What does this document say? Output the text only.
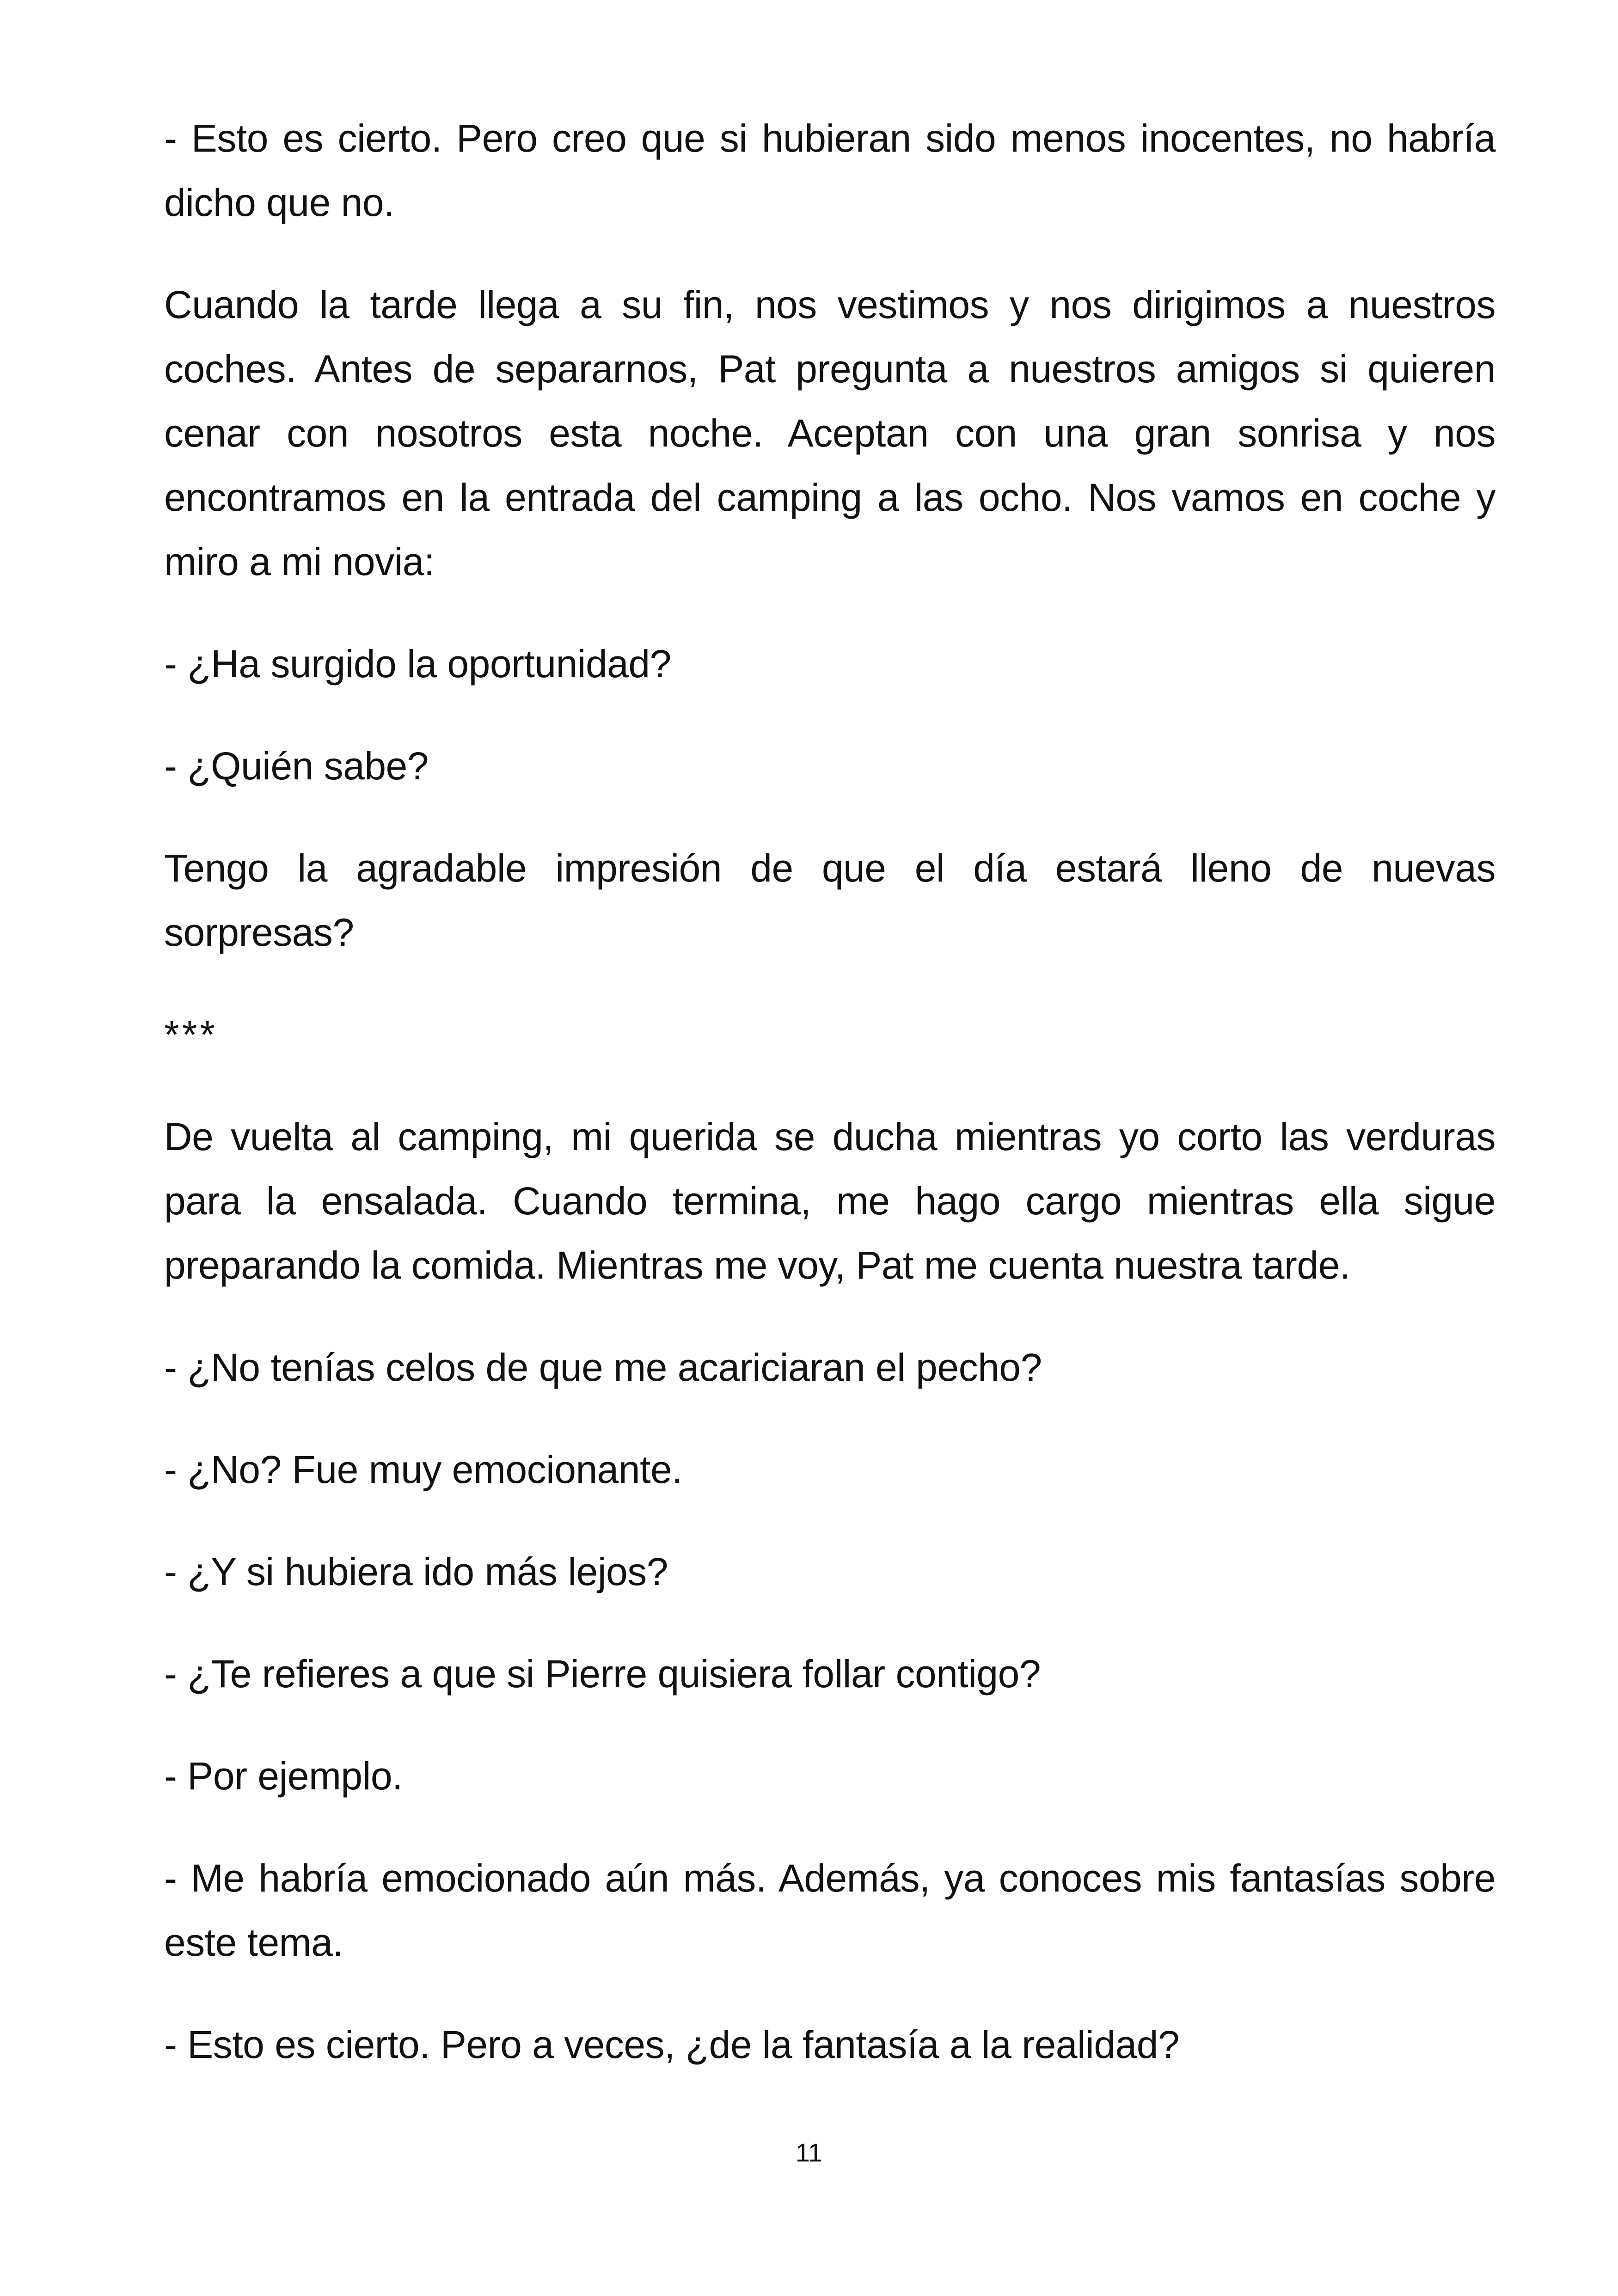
- Esto es cierto. Pero creo que si hubieran sido menos inocentes, no habría dicho que no.

Cuando la tarde llega a su fin, nos vestimos y nos dirigimos a nuestros coches. Antes de separarnos, Pat pregunta a nuestros amigos si quieren cenar con nosotros esta noche. Aceptan con una gran sonrisa y nos encontramos en la entrada del camping a las ocho. Nos vamos en coche y miro a mi novia:

- ¿Ha surgido la oportunidad?

- ¿Quién sabe?

Tengo la agradable impresión de que el día estará lleno de nuevas sorpresas?

***

De vuelta al camping, mi querida se ducha mientras yo corto las verduras para la ensalada. Cuando termina, me hago cargo mientras ella sigue preparando la comida. Mientras me voy, Pat me cuenta nuestra tarde.

- ¿No tenías celos de que me acariciaran el pecho?

- ¿No? Fue muy emocionante.

- ¿Y si hubiera ido más lejos?

- ¿Te refieres a que si Pierre quisiera follar contigo?

- Por ejemplo.

- Me habría emocionado aún más. Además, ya conoces mis fantasías sobre este tema.

- Esto es cierto. Pero a veces, ¿de la fantasía a la realidad?

11
